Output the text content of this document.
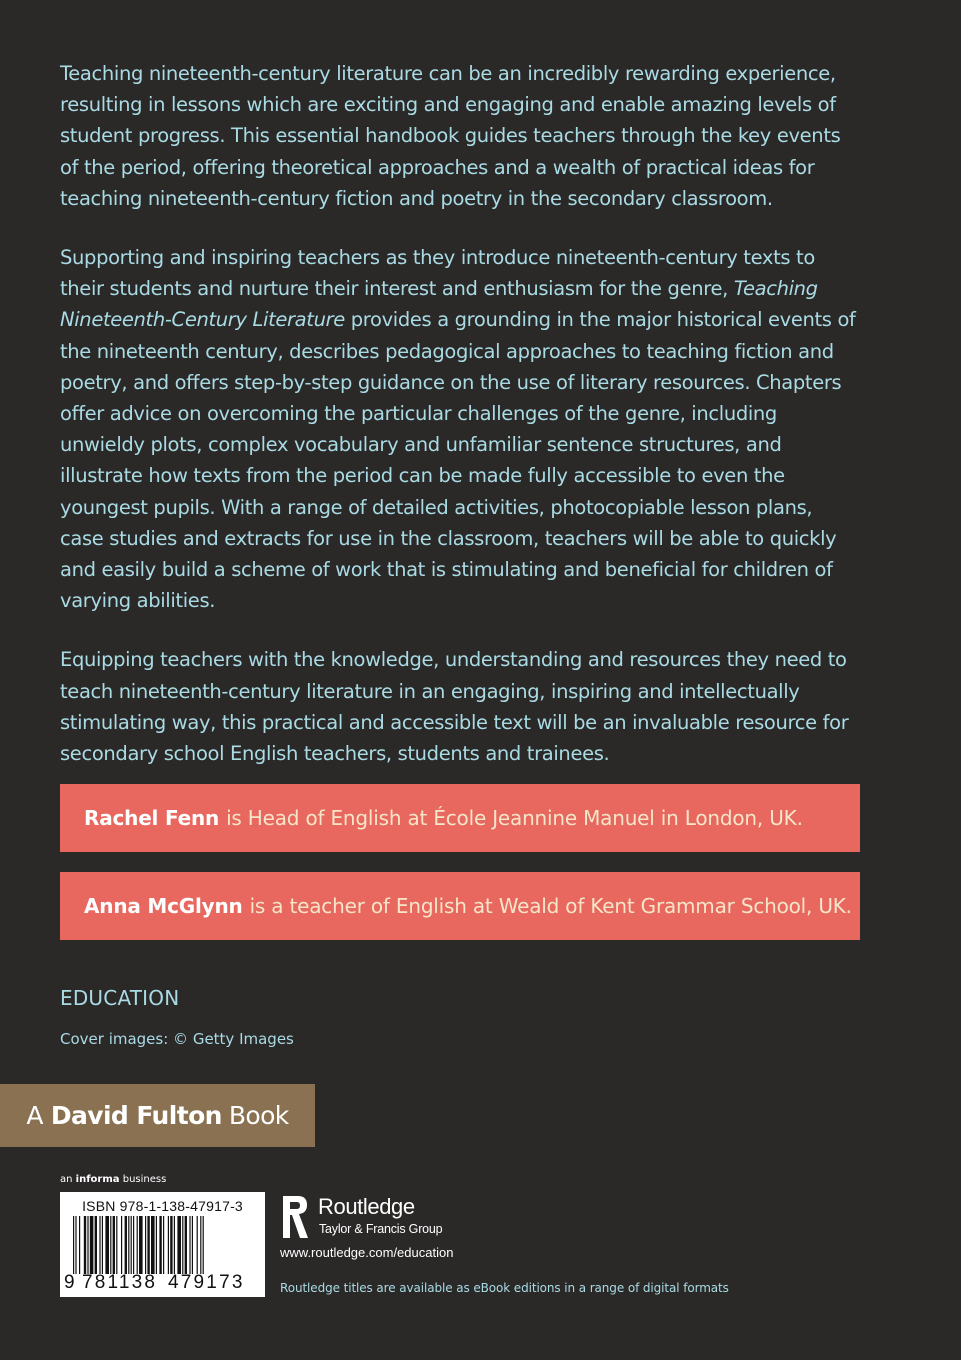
Teaching nineteenth-century literature can be an incredibly rewarding experience, resulting in lessons which are exciting and engaging and enable amazing levels of student progress. This essential handbook guides teachers through the key events of the period, offering theoretical approaches and a wealth of practical ideas for teaching nineteenth-century fiction and poetry in the secondary classroom.

Supporting and inspiring teachers as they introduce nineteenth-century texts to their students and nurture their interest and enthusiasm for the genre, Teaching Nineteenth-Century Literature provides a grounding in the major historical events of the nineteenth century, describes pedagogical approaches to teaching fiction and poetry, and offers step-by-step guidance on the use of literary resources. Chapters offer advice on overcoming the particular challenges of the genre, including unwieldy plots, complex vocabulary and unfamiliar sentence structures, and illustrate how texts from the period can be made fully accessible to even the youngest pupils. With a range of detailed activities, photocopiable lesson plans, case studies and extracts for use in the classroom, teachers will be able to quickly and easily build a scheme of work that is stimulating and beneficial for children of varying abilities.

Equipping teachers with the knowledge, understanding and resources they need to teach nineteenth-century literature in an engaging, inspiring and intellectually stimulating way, this practical and accessible text will be an invaluable resource for secondary school English teachers, students and trainees.

Rachel Fenn is Head of English at École Jeannine Manuel in London, UK.
Anna McGlynn is a teacher of English at Weald of Kent Grammar School, UK.
EDUCATION
Cover images: © Getty Images
A David Fulton Book
an informa business
ISBN 978-1-138-47917-3
9 781138 479173
Routledge
Taylor & Francis Group
www.routledge.com/education
Routledge titles are available as eBook editions in a range of digital formats
